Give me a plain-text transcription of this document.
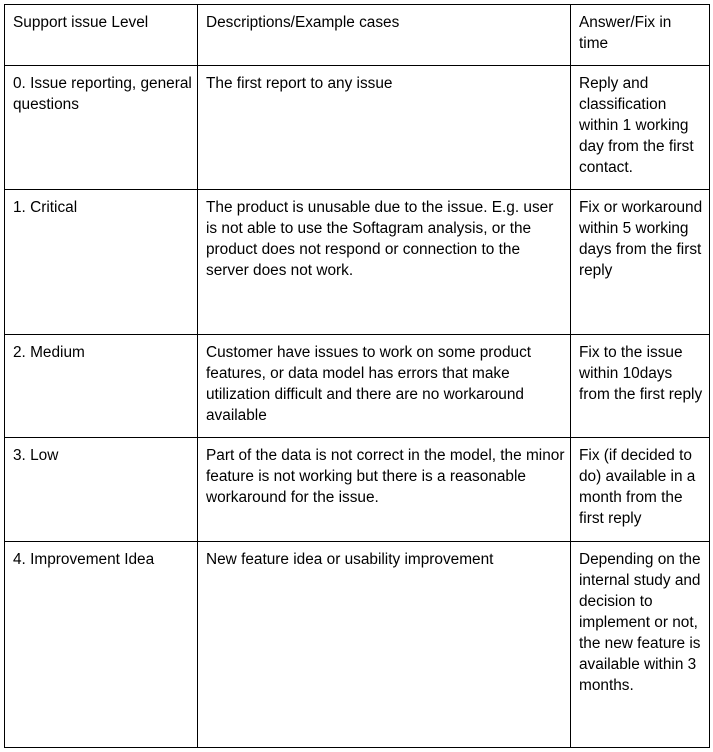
Support issue Level	Descriptions/Example cases	Answer/Fix in time
0. Issue reporting, general questions	The first report to any issue	Reply and classification within 1 working day from the first contact.
1. Critical	The product is unusable due to the issue. E.g. user is not able to use the Softagram analysis, or the product does not respond or connection to the server does not work.	Fix or workaround within 5 working days from the first reply
2. Medium	Customer have issues to work on some product features, or data model has errors that make utilization difficult and there are no workaround available	Fix to the issue within 10days from the first reply
3. Low	Part of the data is not correct in the model, the minor feature is not working but there is a reasonable workaround for the issue.	Fix (if decided to do) available in a month from the first reply
4. Improvement Idea	New feature idea or usability improvement	Depending on the internal study and decision to implement or not, the new feature is available within 3 months.
